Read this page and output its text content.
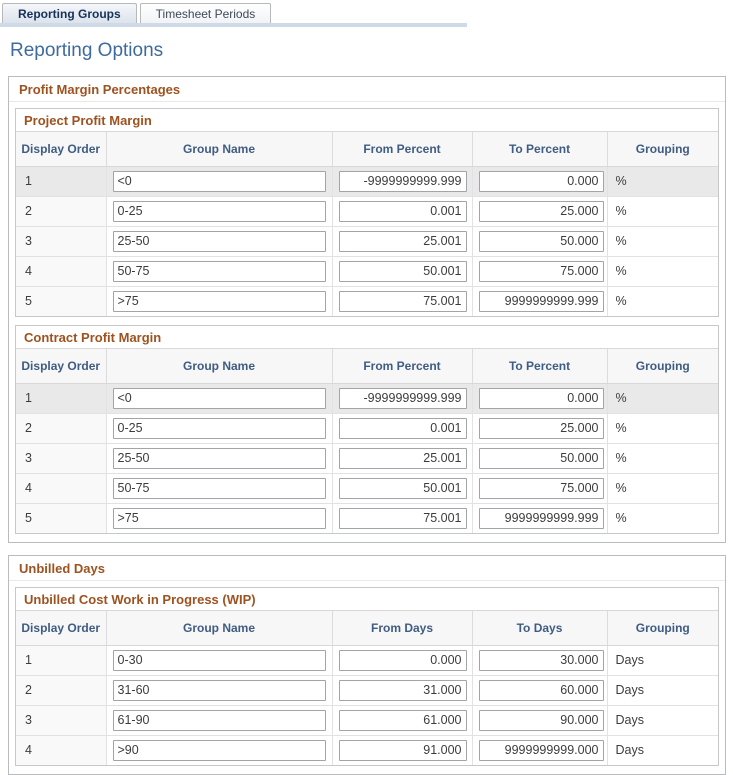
Reporting Groups	Timesheet Periods
Reporting Options
Profit Margin Percentages
Project Profit Margin
Display Order	Group Name	From Percent	To Percent	Grouping
1	<0	-9999999999.999	0.000	%
2	0-25	0.001	25.000	%
3	25-50	25.001	50.000	%
4	50-75	50.001	75.000	%
5	>75	75.001	9999999999.999	%
Contract Profit Margin
Display Order	Group Name	From Percent	To Percent	Grouping
1	<0	-9999999999.999	0.000	%
2	0-25	0.001	25.000	%
3	25-50	25.001	50.000	%
4	50-75	50.001	75.000	%
5	>75	75.001	9999999999.999	%
Unbilled Days
Unbilled Cost Work in Progress (WIP)
Display Order	Group Name	From Days	To Days	Grouping
1	0-30	0.000	30.000	Days
2	31-60	31.000	60.000	Days
3	61-90	61.000	90.000	Days
4	>90	91.000	9999999999.000	Days
